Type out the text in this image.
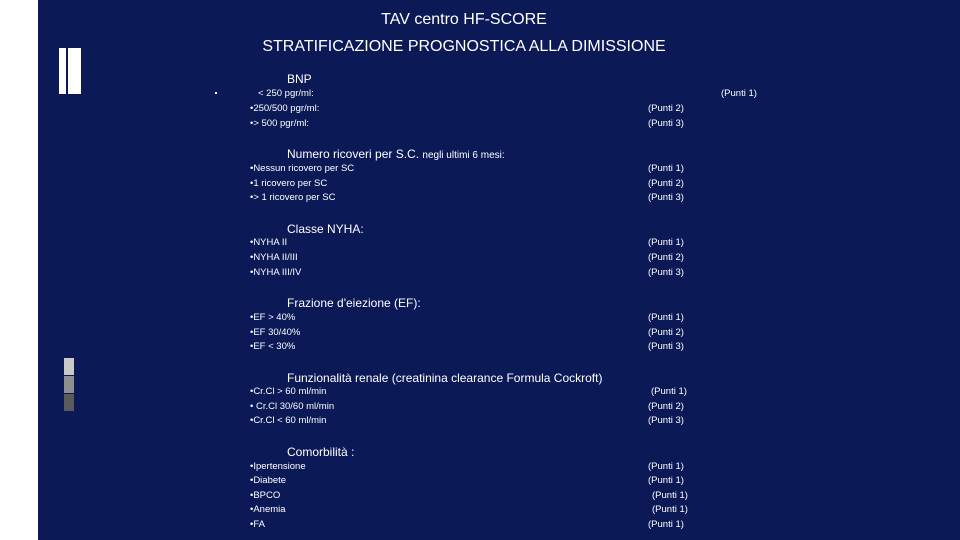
TAV centro HF-SCORE
STRATIFICAZIONE PROGNOSTICA ALLA DIMISSIONE
BNP
< 250 pgr/ml:	(Punti 1)
•250/500 pgr/ml:	(Punti 2)
•> 500 pgr/ml:	(Punti 3)
Numero ricoveri per S.C. negli ultimi 6 mesi:
•Nessun ricovero per SC	(Punti 1)
•1 ricovero per SC	(Punti 2)
•> 1 ricovero per SC	(Punti 3)
Classe NYHA:
•NYHA II	(Punti 1)
•NYHA II/III	(Punti 2)
•NYHA III/IV	(Punti 3)
Frazione d'eiezione (EF):
•EF > 40%	(Punti 1)
•EF 30/40%	(Punti 2)
•EF < 30%	(Punti 3)
Funzionalità renale (creatinina clearance Formula Cockroft)
•Cr.Cl > 60 ml/min	(Punti 1)
• Cr.Cl 30/60 ml/min	(Punti 2)
•Cr.Cl < 60 ml/min	(Punti 3)
Comorbilità :
•Ipertensione	(Punti 1)
•Diabete	(Punti 1)
•BPCO	(Punti 1)
•Anemia	(Punti 1)
•FA	(Punti 1)
